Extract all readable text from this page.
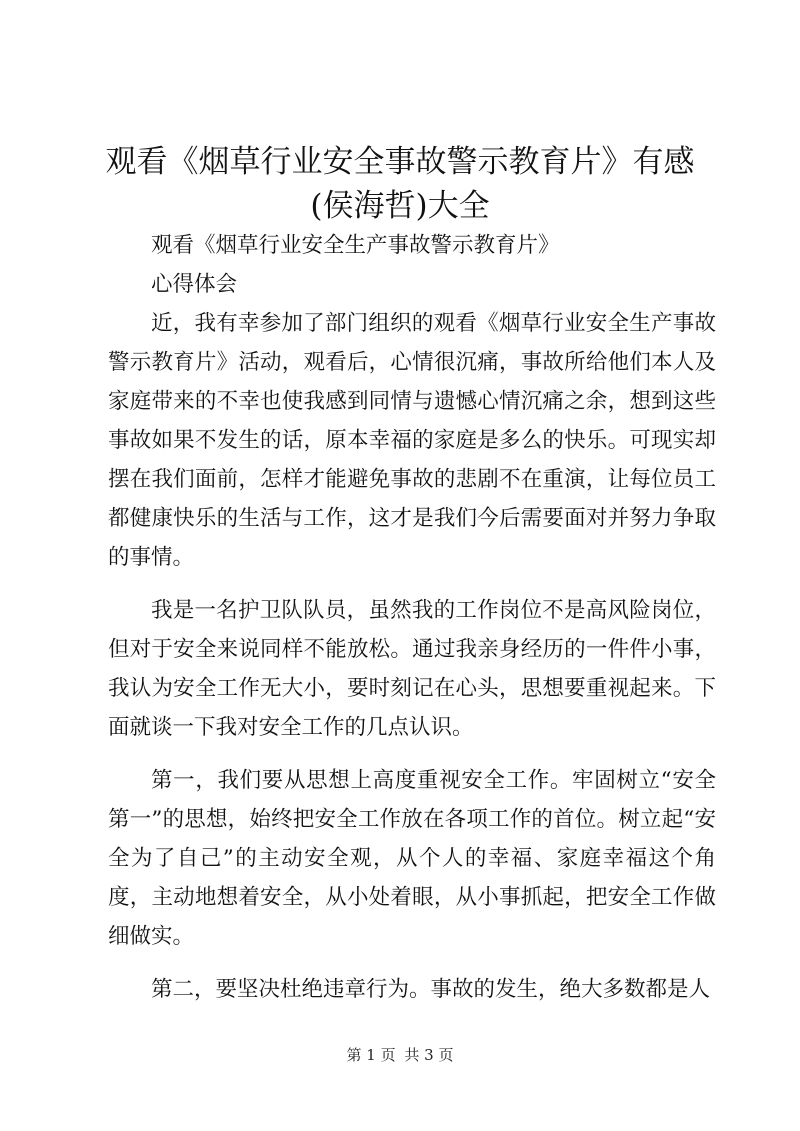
观看《烟草行业安全事故警示教育片》有感
(侯海哲)大全

观看《烟草行业安全生产事故警示教育片》

心得体会

近，我有幸参加了部门组织的观看《烟草行业安全生产事故警示教育片》活动，观看后，心情很沉痛，事故所给他们本人及家庭带来的不幸也使我感到同情与遗憾心情沉痛之余，想到这些事故如果不发生的话，原本幸福的家庭是多么的快乐。可现实却摆在我们面前，怎样才能避免事故的悲剧不在重演，让每位员工都健康快乐的生活与工作，这才是我们今后需要面对并努力争取的事情。

我是一名护卫队队员，虽然我的工作岗位不是高风险岗位，但对于安全来说同样不能放松。通过我亲身经历的一件件小事，我认为安全工作无大小，要时刻记在心头，思想要重视起来。下面就谈一下我对安全工作的几点认识。

第一，我们要从思想上高度重视安全工作。牢固树立“安全第一”的思想，始终把安全工作放在各项工作的首位。树立起“安全为了自己”的主动安全观，从个人的幸福、家庭幸福这个角度，主动地想着安全，从小处着眼，从小事抓起，把安全工作做细做实。

第二，要坚决杜绝违章行为。事故的发生，绝大多数都是人

第 1 页 共 3 页
